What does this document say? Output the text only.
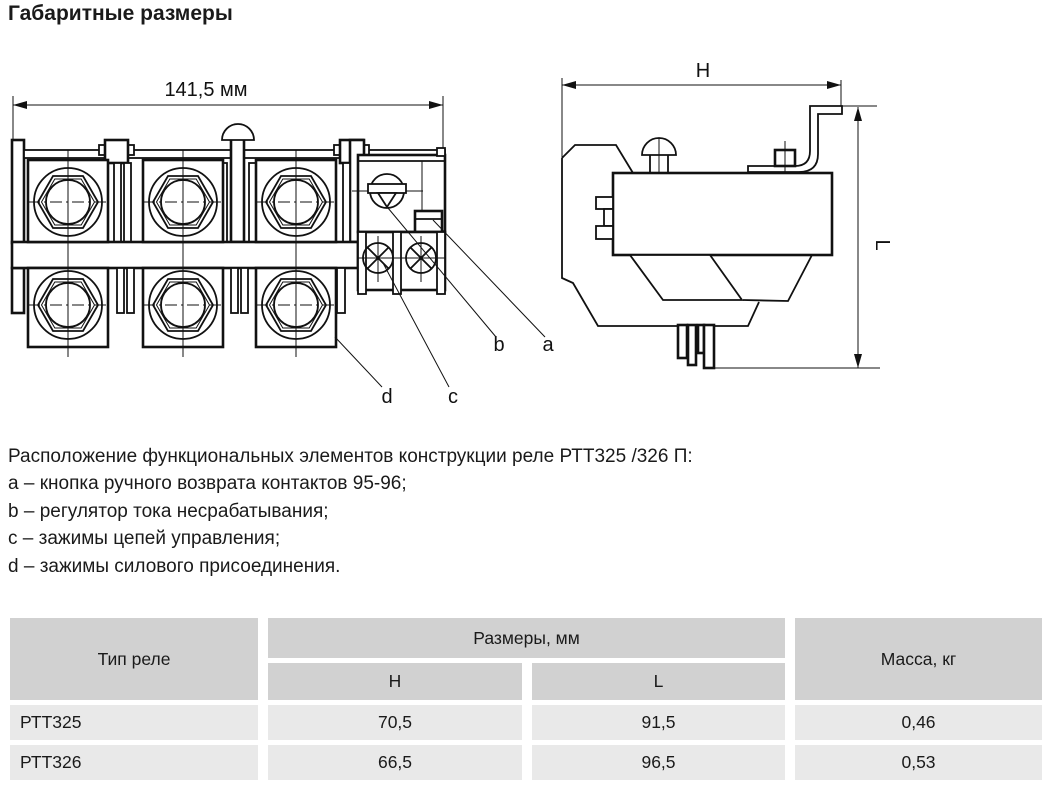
Габаритные размеры
141,5 мм
a
b
c
d
H
L
Расположение функциональных элементов конструкции реле РТТ325 /326 П:
a – кнопка ручного возврата контактов 95-96;
b – регулятор тока несрабатывания;
c – зажимы цепей управления;
d – зажимы силового присоединения.
Тип реле
Размеры, мм
Масса, кг
H	L
РТТ325	70,5	91,5	0,46
РТТ326	66,5	96,5	0,53
